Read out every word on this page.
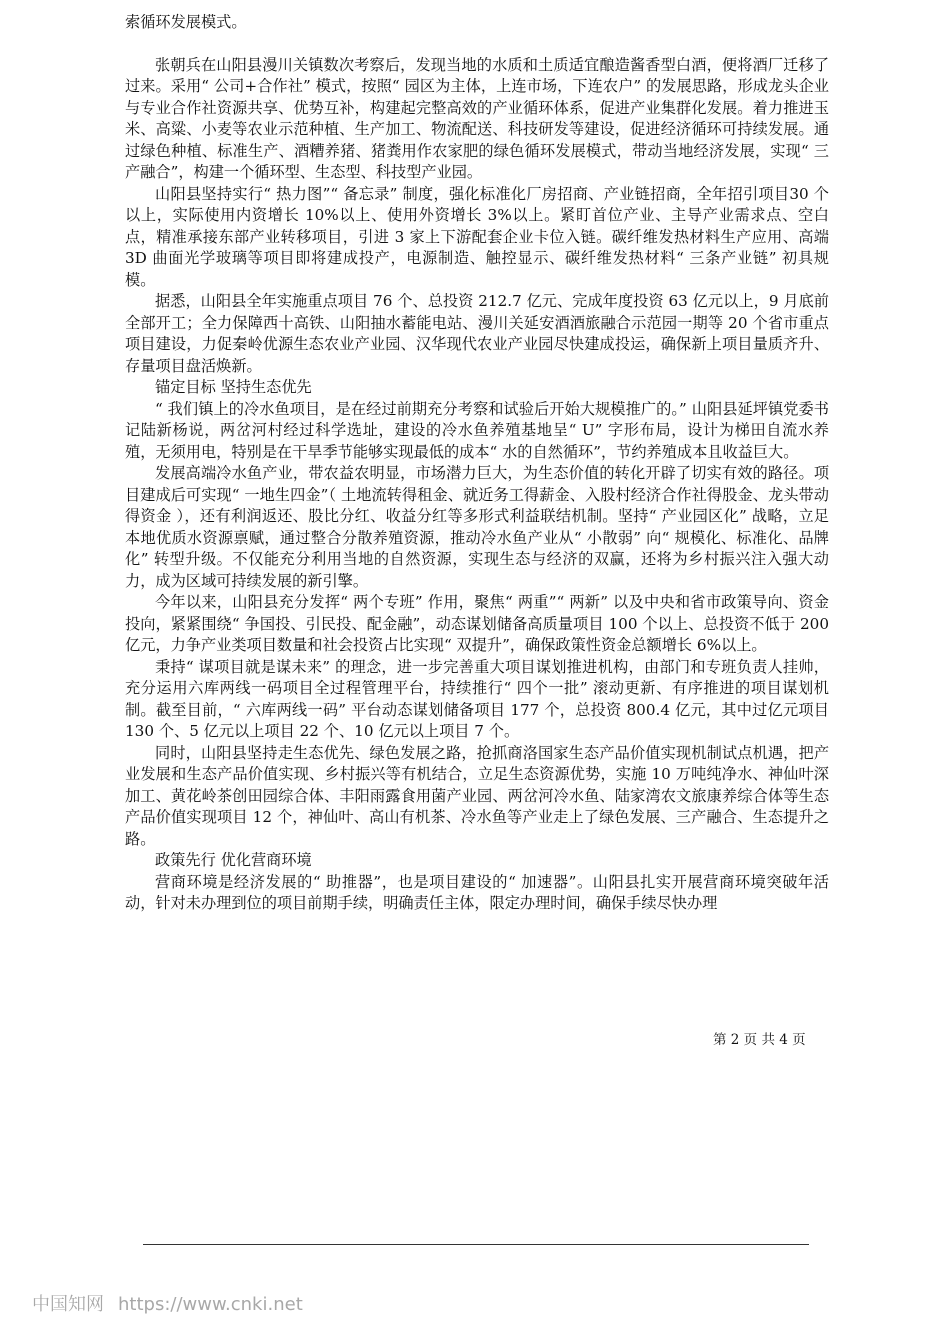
索循环发展模式。

张朝兵在山阳县漫川关镇数次考察后，发现当地的水质和土质适宜酿造酱香型白酒，便将酒厂迁移了过来。采用“ 公司+合作社” 模式，按照“ 园区为主体，上连市场，下连农户” 的发展思路，形成龙头企业与专业合作社资源共享、优势互补，构建起完整高效的产业循环体系，促进产业集群化发展。着力推进玉米、高粱、小麦等农业示范种植、生产加工、物流配送、科技研发等建设，促进经济循环可持续发展。通过绿色种植、标准生产、酒糟养猪、猪粪用作农家肥的绿色循环发展模式，带动当地经济发展，实现“ 三产融合”，构建一个循环型、生态型、科技型产业园。

山阳县坚持实行“ 热力图”“ 备忘录” 制度，强化标准化厂房招商、产业链招商，全年招引项目30 个以上，实际使用内资增长 10%以上、使用外资增长 3%以上。紧盯首位产业、主导产业需求点、空白点，精准承接东部产业转移项目，引进 3 家上下游配套企业卡位入链。碳纤维发热材料生产应用、高端 3D 曲面光学玻璃等项目即将建成投产，电源制造、触控显示、碳纤维发热材料“ 三条产业链” 初具规模。

据悉，山阳县全年实施重点项目 76 个、总投资 212.7 亿元、完成年度投资 63 亿元以上，9 月底前全部开工；全力保障西十高铁、山阳抽水蓄能电站、漫川关延安酒酒旅融合示范园一期等 20 个省市重点项目建设，力促秦岭优源生态农业产业园、汉华现代农业产业园尽快建成投运，确保新上项目量质齐升、存量项目盘活焕新。

锚定目标 坚持生态优先

“ 我们镇上的冷水鱼项目，是在经过前期充分考察和试验后开始大规模推广的。” 山阳县延坪镇党委书记陆新杨说，两岔河村经过科学选址，建设的冷水鱼养殖基地呈“ U” 字形布局，设计为梯田自流水养殖，无须用电，特别是在干旱季节能够实现最低的成本“ 水的自然循环”，节约养殖成本且收益巨大。

发展高端冷水鱼产业，带农益农明显，市场潜力巨大，为生态价值的转化开辟了切实有效的路径。项目建成后可实现“ 一地生四金”（ 土地流转得租金、就近务工得薪金、入股村经济合作社得股金、龙头带动得资金 ），还有利润返还、股比分红、收益分红等多形式利益联结机制。坚持“ 产业园区化” 战略，立足本地优质水资源禀赋，通过整合分散养殖资源，推动冷水鱼产业从“ 小散弱” 向“ 规模化、标准化、品牌化” 转型升级。不仅能充分利用当地的自然资源，实现生态与经济的双赢，还将为乡村振兴注入强大动力，成为区域可持续发展的新引擎。

今年以来，山阳县充分发挥“ 两个专班” 作用，聚焦“ 两重”“ 两新” 以及中央和省市政策导向、资金投向，紧紧围绕“ 争国投、引民投、配金融”，动态谋划储备高质量项目 100 个以上、总投资不低于 200 亿元，力争产业类项目数量和社会投资占比实现“ 双提升”，确保政策性资金总额增长 6%以上。

秉持“ 谋项目就是谋未来” 的理念，进一步完善重大项目谋划推进机构，由部门和专班负责人挂帅，充分运用六库两线一码项目全过程管理平台，持续推行“ 四个一批” 滚动更新、有序推进的项目谋划机制。截至目前，“ 六库两线一码” 平台动态谋划储备项目 177 个，总投资 800.4 亿元，其中过亿元项目 130 个、5 亿元以上项目 22 个、10 亿元以上项目 7 个。

同时，山阳县坚持走生态优先、绿色发展之路，抢抓商洛国家生态产品价值实现机制试点机遇，把产业发展和生态产品价值实现、乡村振兴等有机结合，立足生态资源优势，实施 10 万吨纯净水、神仙叶深加工、黄花岭茶创田园综合体、丰阳雨露食用菌产业园、两岔河冷水鱼、陆家湾农文旅康养综合体等生态产品价值实现项目 12 个，神仙叶、高山有机茶、冷水鱼等产业走上了绿色发展、三产融合、生态提升之路。

政策先行 优化营商环境

营商环境是经济发展的“ 助推器”，也是项目建设的“ 加速器”。山阳县扎实开展营商环境突破年活动，针对未办理到位的项目前期手续，明确责任主体，限定办理时间，确保手续尽快办理

第 2 页 共 4 页
中国知网 https://www.cnki.net
